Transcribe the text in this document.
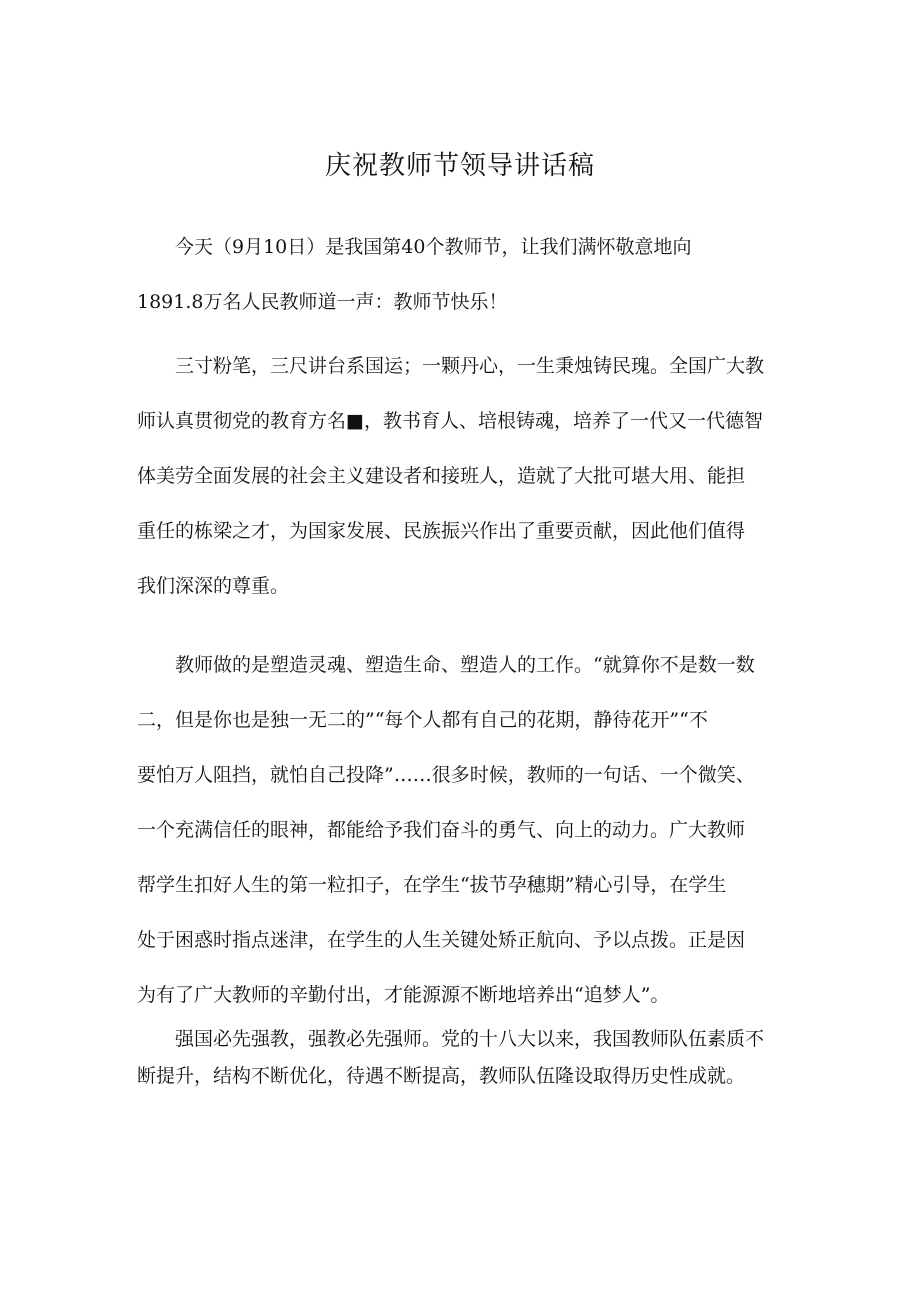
庆祝教师节领导讲话稿

今天（9月10日）是我国第40个教师节，让我们满怀敬意地向
1891.8万名人民教师道一声：教师节快乐！

三寸粉笔，三尺讲台系国运；一颗丹心，一生秉烛铸民瑰。全国广大教
师认真贯彻党的教育方名■，教书育人、培根铸魂，培养了一代又一代德智
体美劳全面发展的社会主义建设者和接班人，造就了大批可堪大用、能担
重任的栋梁之才，为国家发展、民族振兴作出了重要贡献，因此他们值得
我们深深的尊重。

教师做的是塑造灵魂、塑造生命、塑造人的工作。“就算你不是数一数
二，但是你也是独一无二的”“每个人都有自己的花期，静待花开”“不
要怕万人阻挡，就怕自己投降”……很多时候，教师的一句话、一个微笑、
一个充满信任的眼神，都能给予我们奋斗的勇气、向上的动力。广大教师
帮学生扣好人生的第一粒扣子，在学生“拔节孕穗期”精心引导，在学生
处于困惑时指点迷津，在学生的人生关键处矫正航向、予以点拨。正是因
为有了广大教师的辛勤付出，才能源源不断地培养出“追梦人”。

强国必先强教，强教必先强师。党的十八大以来，我国教师队伍素质不
断提升，结构不断优化，待遇不断提高，教师队伍隆设取得历史性成就。
